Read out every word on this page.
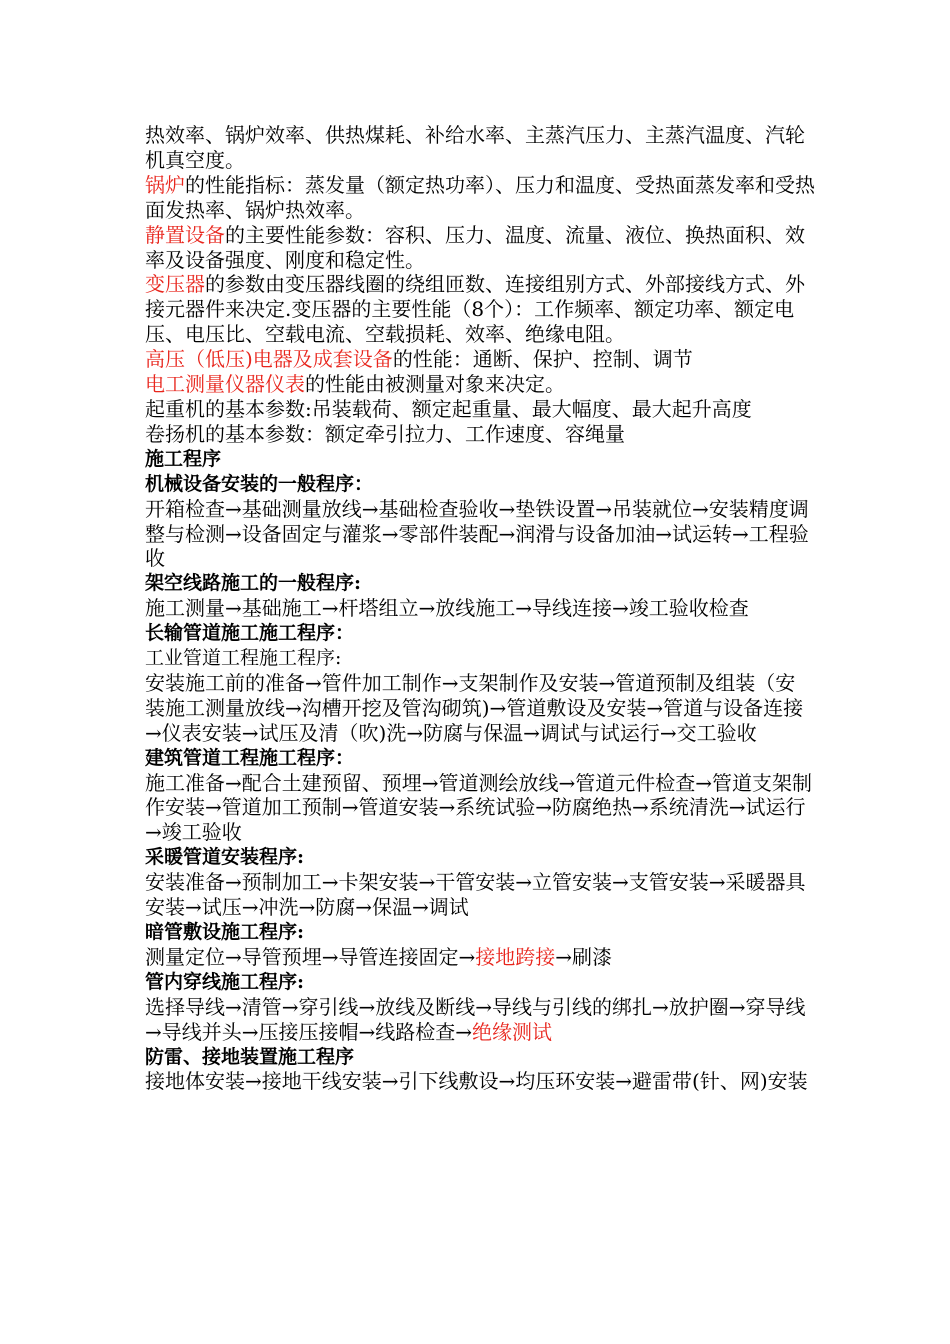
热效率、锅炉效率、供热煤耗、补给水率、主蒸汽压力、主蒸汽温度、汽轮机真空度。
锅炉的性能指标：蒸发量（额定热功率）、压力和温度、受热面蒸发率和受热面发热率、锅炉热效率。
静置设备的主要性能参数：容积、压力、温度、流量、液位、换热面积、效率及设备强度、刚度和稳定性。
变压器的参数由变压器线圈的绕组匝数、连接组别方式、外部接线方式、外接元器件来决定.变压器的主要性能（8个）：工作频率、额定功率、额定电压、电压比、空载电流、空载损耗、效率、绝缘电阻。
高压（低压)电器及成套设备的性能：通断、保护、控制、调节
电工测量仪器仪表的性能由被测量对象来决定。
起重机的基本参数:吊装载荷、额定起重量、最大幅度、最大起升高度
卷扬机的基本参数：额定牵引拉力、工作速度、容绳量
施工程序
机械设备安装的一般程序：
开箱检查→基础测量放线→基础检查验收→垫铁设置→吊装就位→安装精度调整与检测→设备固定与灌浆→零部件装配→润滑与设备加油→试运转→工程验收
架空线路施工的一般程序:
施工测量→基础施工→杆塔组立→放线施工→导线连接→竣工验收检查
长输管道施工施工程序：
工业管道工程施工程序:
安装施工前的准备→管件加工制作→支架制作及安装→管道预制及组装（安装施工测量放线→沟槽开挖及管沟砌筑)→管道敷设及安装→管道与设备连接→仪表安装→试压及清（吹)洗→防腐与保温→调试与试运行→交工验收
建筑管道工程施工程序：
施工准备→配合土建预留、预埋→管道测绘放线→管道元件检查→管道支架制作安装→管道加工预制→管道安装→系统试验→防腐绝热→系统清洗→试运行→竣工验收
采暖管道安装程序:
安装准备→预制加工→卡架安装→干管安装→立管安装→支管安装→采暖器具安装→试压→冲洗→防腐→保温→调试
暗管敷设施工程序:
测量定位→导管预埋→导管连接固定→接地跨接→刷漆
管内穿线施工程序:
选择导线→清管→穿引线→放线及断线→导线与引线的绑扎→放护圈→穿导线→导线并头→压接压接帽→线路检查→绝缘测试
防雷、接地装置施工程序
接地体安装→接地干线安装→引下线敷设→均压环安装→避雷带(针、网)安装
